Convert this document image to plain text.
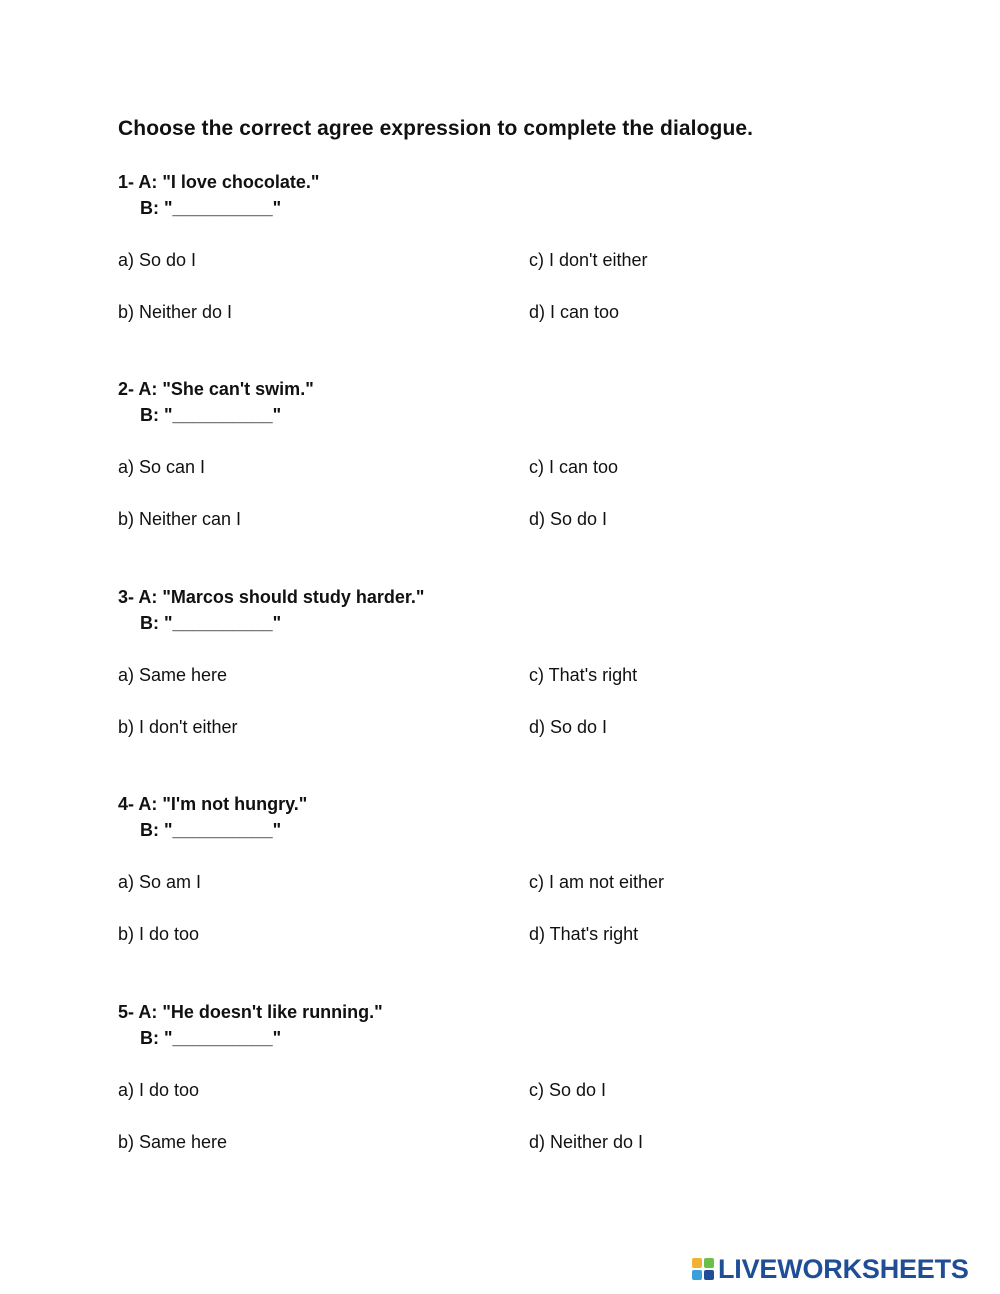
Choose the correct agree expression to complete the dialogue.
1- A: "I love chocolate."
B: "__________"
a) So do I
b) Neither do I
c) I don't either
d) I can too
2- A: "She can't swim."
B: "__________"
a) So can I
b) Neither can I
c) I can too
d) So do I
3- A: "Marcos should study harder."
B: "__________"
a) Same here
b) I don't either
c) That's right
d) So do I
4- A: "I'm not hungry."
B: "__________"
a) So am I
b) I do too
c) I am not either
d) That's right
5- A: "He doesn't like running."
B: "__________"
a) I do too
b) Same here
c) So do I
d) Neither do I
LIVEWORKSHEETS
